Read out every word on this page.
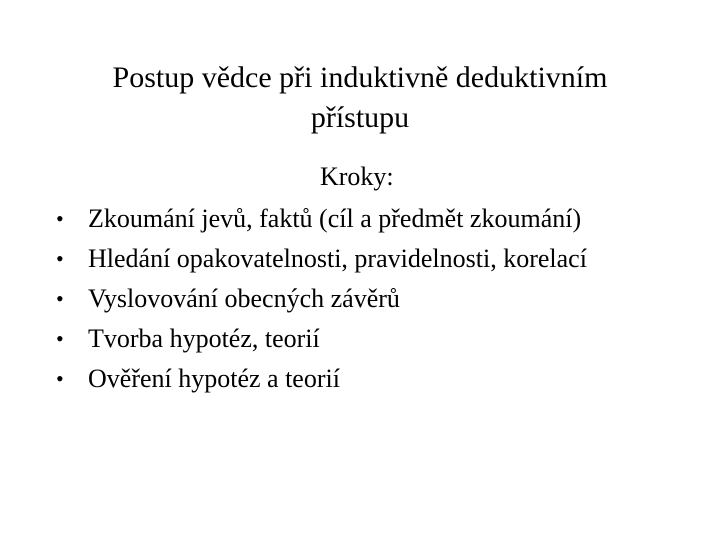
Postup vědce při induktivně deduktivním
přístupu
Kroky:
• Zkoumání jevů, faktů (cíl a předmět zkoumání)
• Hledání opakovatelnosti, pravidelnosti, korelací
• Vyslovování obecných závěrů
• Tvorba hypotéz, teorií
• Ověření hypotéz a teorií
